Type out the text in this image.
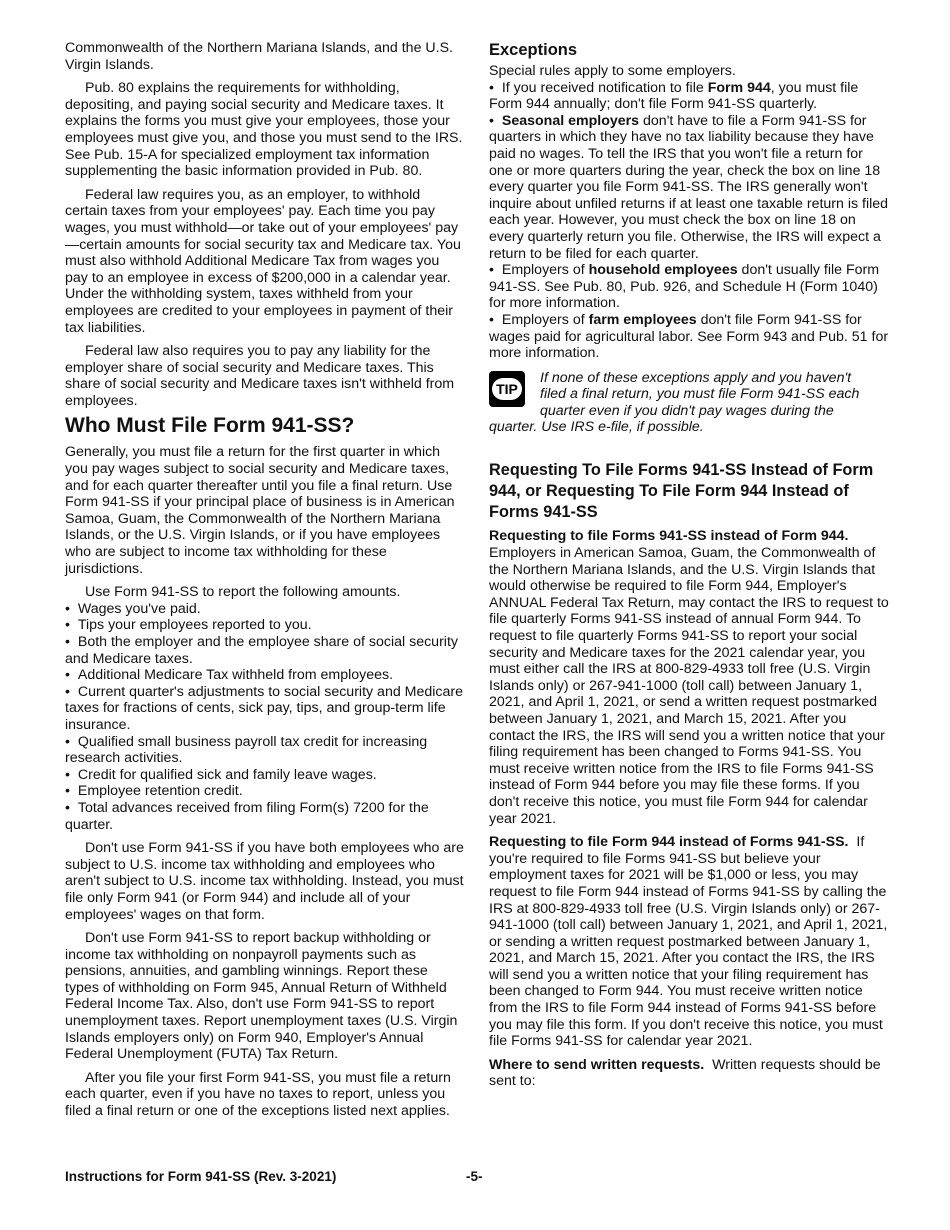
Commonwealth of the Northern Mariana Islands, and the U.S. Virgin Islands.

Pub. 80 explains the requirements for withholding, depositing, and paying social security and Medicare taxes. It explains the forms you must give your employees, those your employees must give you, and those you must send to the IRS. See Pub. 15-A for specialized employment tax information supplementing the basic information provided in Pub. 80.

Federal law requires you, as an employer, to withhold certain taxes from your employees' pay. Each time you pay wages, you must withhold—or take out of your employees' pay—certain amounts for social security tax and Medicare tax. You must also withhold Additional Medicare Tax from wages you pay to an employee in excess of $200,000 in a calendar year. Under the withholding system, taxes withheld from your employees are credited to your employees in payment of their tax liabilities.

Federal law also requires you to pay any liability for the employer share of social security and Medicare taxes. This share of social security and Medicare taxes isn't withheld from employees.

Who Must File Form 941-SS?

Generally, you must file a return for the first quarter in which you pay wages subject to social security and Medicare taxes, and for each quarter thereafter until you file a final return. Use Form 941-SS if your principal place of business is in American Samoa, Guam, the Commonwealth of the Northern Mariana Islands, or the U.S. Virgin Islands, or if you have employees who are subject to income tax withholding for these jurisdictions.

Use Form 941-SS to report the following amounts.

•  Wages you've paid.

•  Tips your employees reported to you.

•  Both the employer and the employee share of social security and Medicare taxes.

•  Additional Medicare Tax withheld from employees.

•  Current quarter's adjustments to social security and Medicare taxes for fractions of cents, sick pay, tips, and group-term life insurance.

•  Qualified small business payroll tax credit for increasing research activities.

•  Credit for qualified sick and family leave wages.

•  Employee retention credit.

•  Total advances received from filing Form(s) 7200 for the quarter.

Don't use Form 941-SS if you have both employees who are subject to U.S. income tax withholding and employees who aren't subject to U.S. income tax withholding. Instead, you must file only Form 941 (or Form 944) and include all of your employees' wages on that form.

Don't use Form 941-SS to report backup withholding or income tax withholding on nonpayroll payments such as pensions, annuities, and gambling winnings. Report these types of withholding on Form 945, Annual Return of Withheld Federal Income Tax. Also, don't use Form 941-SS to report unemployment taxes. Report unemployment taxes (U.S. Virgin Islands employers only) on Form 940, Employer's Annual Federal Unemployment (FUTA) Tax Return.

After you file your first Form 941-SS, you must file a return each quarter, even if you have no taxes to report, unless you filed a final return or one of the exceptions listed next applies.

Exceptions

Special rules apply to some employers.

•  If you received notification to file Form 944, you must file Form 944 annually; don't file Form 941-SS quarterly.

•  Seasonal employers don't have to file a Form 941-SS for quarters in which they have no tax liability because they have paid no wages. To tell the IRS that you won't file a return for one or more quarters during the year, check the box on line 18 every quarter you file Form 941-SS. The IRS generally won't inquire about unfiled returns if at least one taxable return is filed each year. However, you must check the box on line 18 on every quarterly return you file. Otherwise, the IRS will expect a return to be filed for each quarter.

•  Employers of household employees don't usually file Form 941-SS. See Pub. 80, Pub. 926, and Schedule H (Form 1040) for more information.

•  Employers of farm employees don't file Form 941-SS for wages paid for agricultural labor. See Form 943 and Pub. 51 for more information.

TIP

If none of these exceptions apply and you haven't

filed a final return, you must file Form 941-SS each

quarter even if you didn't pay wages during the

quarter. Use IRS e-file, if possible.

Requesting To File Forms 941-SS Instead of Form 944, or Requesting To File Form 944 Instead of Forms 941-SS

Requesting to file Forms 941-SS instead of Form 944. Employers in American Samoa, Guam, the Commonwealth of the Northern Mariana Islands, and the U.S. Virgin Islands that would otherwise be required to file Form 944, Employer's ANNUAL Federal Tax Return, may contact the IRS to request to file quarterly Forms 941-SS instead of annual Form 944. To request to file quarterly Forms 941-SS to report your social security and Medicare taxes for the 2021 calendar year, you must either call the IRS at 800-829-4933 toll free (U.S. Virgin Islands only) or 267-941-1000 (toll call) between January 1, 2021, and April 1, 2021, or send a written request postmarked between January 1, 2021, and March 15, 2021. After you contact the IRS, the IRS will send you a written notice that your filing requirement has been changed to Forms 941-SS. You must receive written notice from the IRS to file Forms 941-SS instead of Form 944 before you may file these forms. If you don't receive this notice, you must file Form 944 for calendar year 2021.

Requesting to file Form 944 instead of Forms 941-SS. If you're required to file Forms 941-SS but believe your employment taxes for 2021 will be $1,000 or less, you may request to file Form 944 instead of Forms 941-SS by calling the IRS at 800-829-4933 toll free (U.S. Virgin Islands only) or 267-941-1000 (toll call) between January 1, 2021, and April 1, 2021, or sending a written request postmarked between January 1, 2021, and March 15, 2021. After you contact the IRS, the IRS will send you a written notice that your filing requirement has been changed to Form 944. You must receive written notice from the IRS to file Form 944 instead of Forms 941-SS before you may file this form. If you don't receive this notice, you must file Forms 941-SS for calendar year 2021.

Where to send written requests. Written requests should be sent to:

Instructions for Form 941-SS (Rev. 3-2021)	-5-
